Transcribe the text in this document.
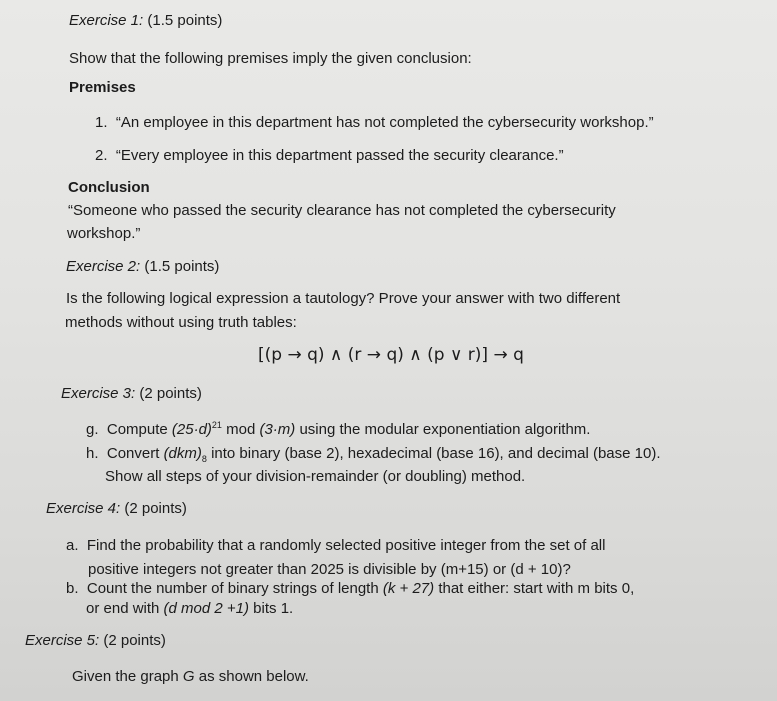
Exercise 1: (1.5 points)
Show that the following premises imply the given conclusion:
Premises
1. “An employee in this department has not completed the cybersecurity workshop.”
2. “Every employee in this department passed the security clearance.”
Conclusion
“Someone who passed the security clearance has not completed the cybersecurity
workshop.”
Exercise 2: (1.5 points)
Is the following logical expression a tautology? Prove your answer with two different
methods without using truth tables:
[(p → q) ∧ (r → q) ∧ (p ∨ r)] → q
Exercise 3: (2 points)
g. Compute $(25\cdot d)^{21}$ mod (3·m) using the modular exponentiation algorithm.
h. Convert $(dkm)_8$ into binary (base 2), hexadecimal (base 16), and decimal (base 10).
Show all steps of your division-remainder (or doubling) method.
Exercise 4: (2 points)
a. Find the probability that a randomly selected positive integer from the set of all
positive integers not greater than 2025 is divisible by (m+15) or (d + 10)?
b. Count the number of binary strings of length (k + 27) that either: start with m bits 0,
or end with (d mod 2 +1) bits 1.
Exercise 5: (2 points)
Given the graph G as shown below.
